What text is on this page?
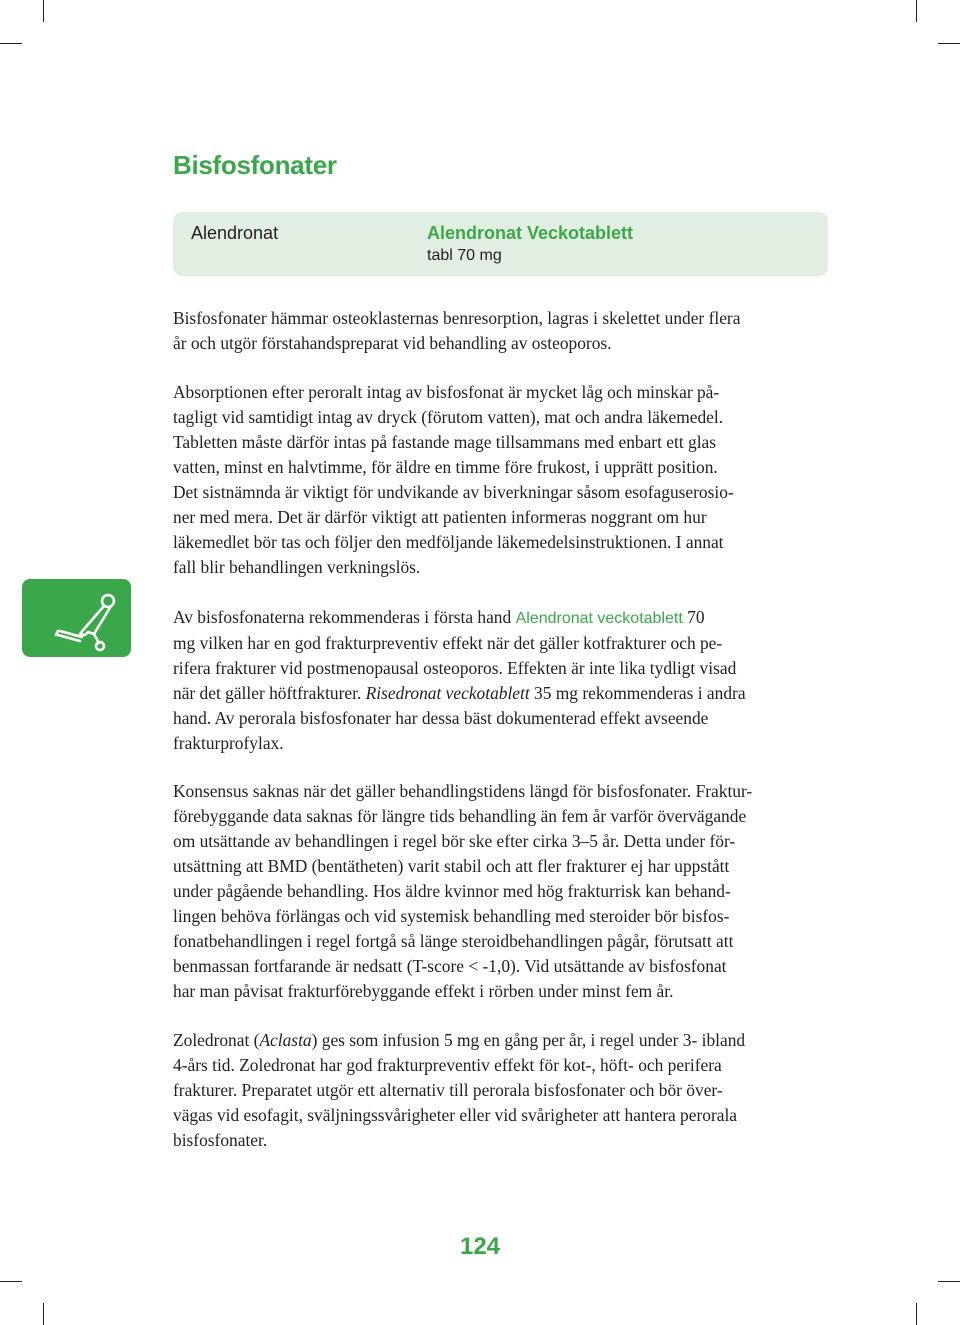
Bisfosfonater
Alendronat	Alendronat Veckotablett
tabl 70 mg

Bisfosfonater hämmar osteoklasternas benresorption, lagras i skelettet under flera
år och utgör förstahandspreparat vid behandling av osteoporos.

Absorptionen efter peroralt intag av bisfosfonat är mycket låg och minskar på-
tagligt vid samtidigt intag av dryck (förutom vatten), mat och andra läkemedel.
Tabletten måste därför intas på fastande mage tillsammans med enbart ett glas
vatten, minst en halvtimme, för äldre en timme före frukost, i upprätt position.
Det sistnämnda är viktigt för undvikande av biverkningar såsom esofaguserosio-
ner med mera. Det är därför viktigt att patienten informeras noggrant om hur
läkemedlet bör tas och följer den medföljande läkemedelsinstruktionen. I annat
fall blir behandlingen verkningslös.

Av bisfosfonaterna rekommenderas i första hand Alendronat veckotablett 70
mg vilken har en god frakturpreventiv effekt när det gäller kotfrakturer och pe-
rifera frakturer vid postmenopausal osteoporos. Effekten är inte lika tydligt visad
när det gäller höftfrakturer. Risedronat veckotablett 35 mg rekommenderas i andra
hand. Av perorala bisfosfonater har dessa bäst dokumenterad effekt avseende
frakturprofylax.

Konsensus saknas när det gäller behandlingstidens längd för bisfosfonater. Fraktur-
förebyggande data saknas för längre tids behandling än fem år varför övervägande
om utsättande av behandlingen i regel bör ske efter cirka 3–5 år. Detta under för-
utsättning att BMD (bentätheten) varit stabil och att fler frakturer ej har uppstått
under pågående behandling. Hos äldre kvinnor med hög frakturrisk kan behand-
lingen behöva förlängas och vid systemisk behandling med steroider bör bisfos-
fonatbehandlingen i regel fortgå så länge steroidbehandlingen pågår, förutsatt att
benmassan fortfarande är nedsatt (T-score < -1,0). Vid utsättande av bisfosfonat
har man påvisat frakturförebyggande effekt i rörben under minst fem år.

Zoledronat (Aclasta) ges som infusion 5 mg en gång per år, i regel under 3- ibland
4-års tid. Zoledronat har god frakturpreventiv effekt för kot-, höft- och perifera
frakturer. Preparatet utgör ett alternativ till perorala bisfosfonater och bör över-
vägas vid esofagit, sväljningssvårigheter eller vid svårigheter att hantera perorala
bisfosfonater.

124
